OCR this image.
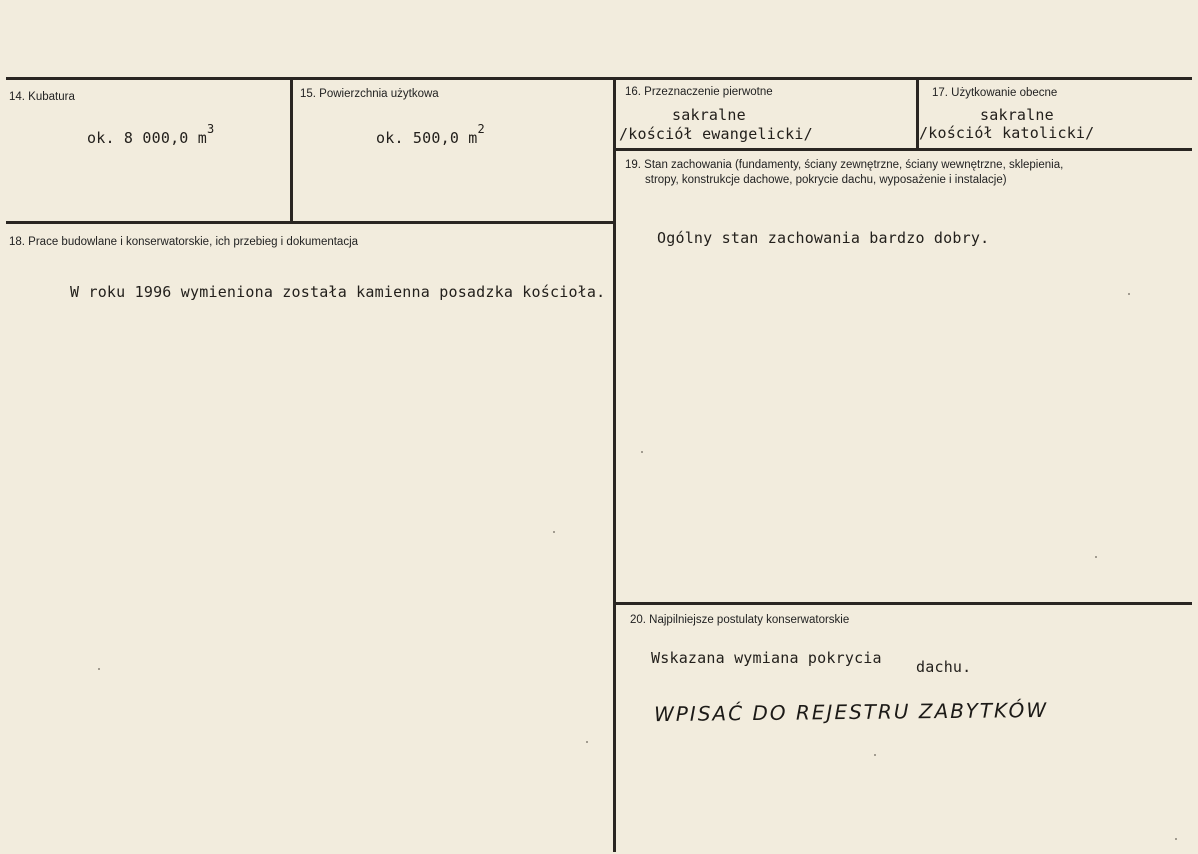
14. Kubatura
ok. 8 000,0 $m^3$
15. Powierzchnia użytkowa
ok. 500,0 $m^2$
16. Przeznaczenie pierwotne
sakralne
/kościół ewangelicki/
17. Użytkowanie obecne
sakralne
/kościół katolicki/
18. Prace budowlane i konserwatorskie, ich przebieg i dokumentacja
W roku 1996 wymieniona została kamienna posadzka kościoła.
19. Stan zachowania (fundamenty, ściany zewnętrzne, ściany wewnętrzne, sklepienia,
stropy, konstrukcje dachowe, pokrycie dachu, wyposażenie i instalacje)
Ogólny stan zachowania bardzo dobry.
20. Najpilniejsze postulaty konserwatorskie
Wskazana wymiana pokrycia dachu.
WPISAĆ DO REJESTRU ZABYTKÓW
